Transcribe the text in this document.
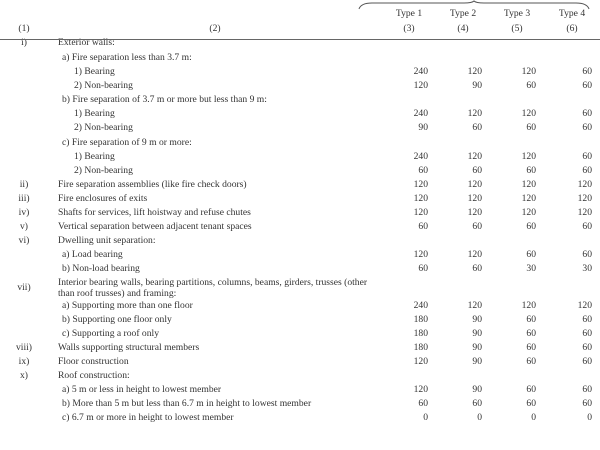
		Type 1	Type 2	Type 3	Type 4
(1)	(2)	(3)	(4)	(5)	(6)
i)	Exterior walls:				
	a) Fire separation less than 3.7 m:				
	1) Bearing	240	120	120	60
	2) Non-bearing	120	90	60	60
	b) Fire separation of 3.7 m or more but less than 9 m:				
	1) Bearing	240	120	120	60
	2) Non-bearing	90	60	60	60
	c) Fire separation of 9 m or more:				
	1) Bearing	240	120	120	60
	2) Non-bearing	60	60	60	60
ii)	Fire separation assemblies (like fire check doors)	120	120	120	120
iii)	Fire enclosures of exits	120	120	120	120
iv)	Shafts for services, lift hoistway and refuse chutes	120	120	120	120
v)	Vertical separation between adjacent tenant spaces	60	60	60	60
vi)	Dwelling unit separation:				
	a) Load bearing	120	120	60	60
	b) Non-load bearing	60	60	30	30
vii)	Interior bearing walls, bearing partitions, columns, beams, girders, trusses (other than roof trusses) and framing:				
	a) Supporting more than one floor	240	120	120	120
	b) Supporting one floor only	180	90	60	60
	c) Supporting a roof only	180	90	60	60
viii)	Walls supporting structural members	180	90	60	60
ix)	Floor construction	120	90	60	60
x)	Roof construction:				
	a) 5 m or less in height to lowest member	120	90	60	60
	b) More than 5 m but less than 6.7 m in height to lowest member	60	60	60	60
	c) 6.7 m or more in height to lowest member	0	0	0	0
